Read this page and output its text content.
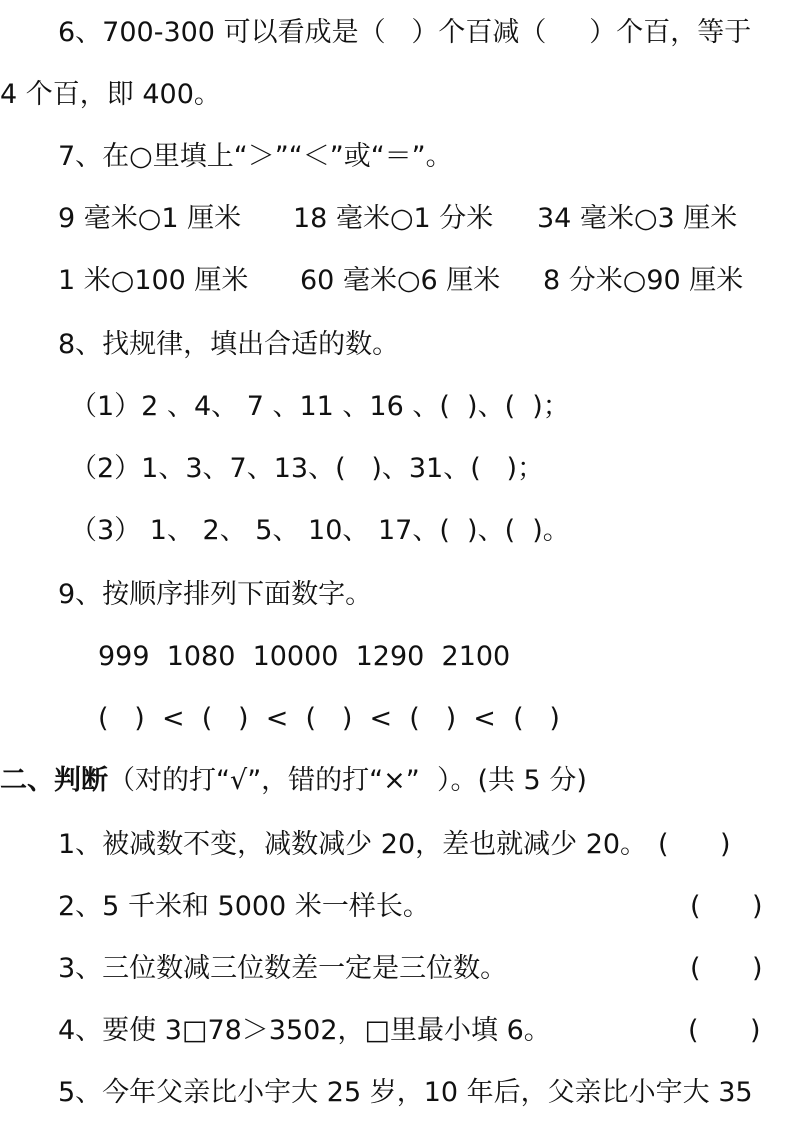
6、700-300 可以看成是（   ）个百减（     ）个百，等于
4 个百，即 400。
7、在○里填上“＞”“＜”或“＝”。
9 毫米○1 厘米 18 毫米○1 分米 34 毫米○3 厘米
1 米○100 厘米 60 毫米○6 厘米 8 分米○90 厘米
8、找规律，填出合适的数。
（1）2 、4、 7 、11 、16 、(  )、(  )；
（2）1、3、7、13、(   )、31、(   )；
（3） 1、 2、 5、 10、 17、(  )、(  )。
9、按顺序排列下面数字。
999  1080  10000  1290  2100
(   )  <  (   )  <  (   )  <  (   )  <  (   )
二、判断（对的打“√”，错的打“×”  ）。(共 5 分)
1、被减数不变，减数减少 20，差也就减少 20。 (      )
2、5 千米和 5000 米一样长。	(      )
3、三位数减三位数差一定是三位数。	(      )
4、要使 3□78＞3502，□里最小填 6。	(      )
5、今年父亲比小宇大 25 岁，10 年后，父亲比小宇大 35
